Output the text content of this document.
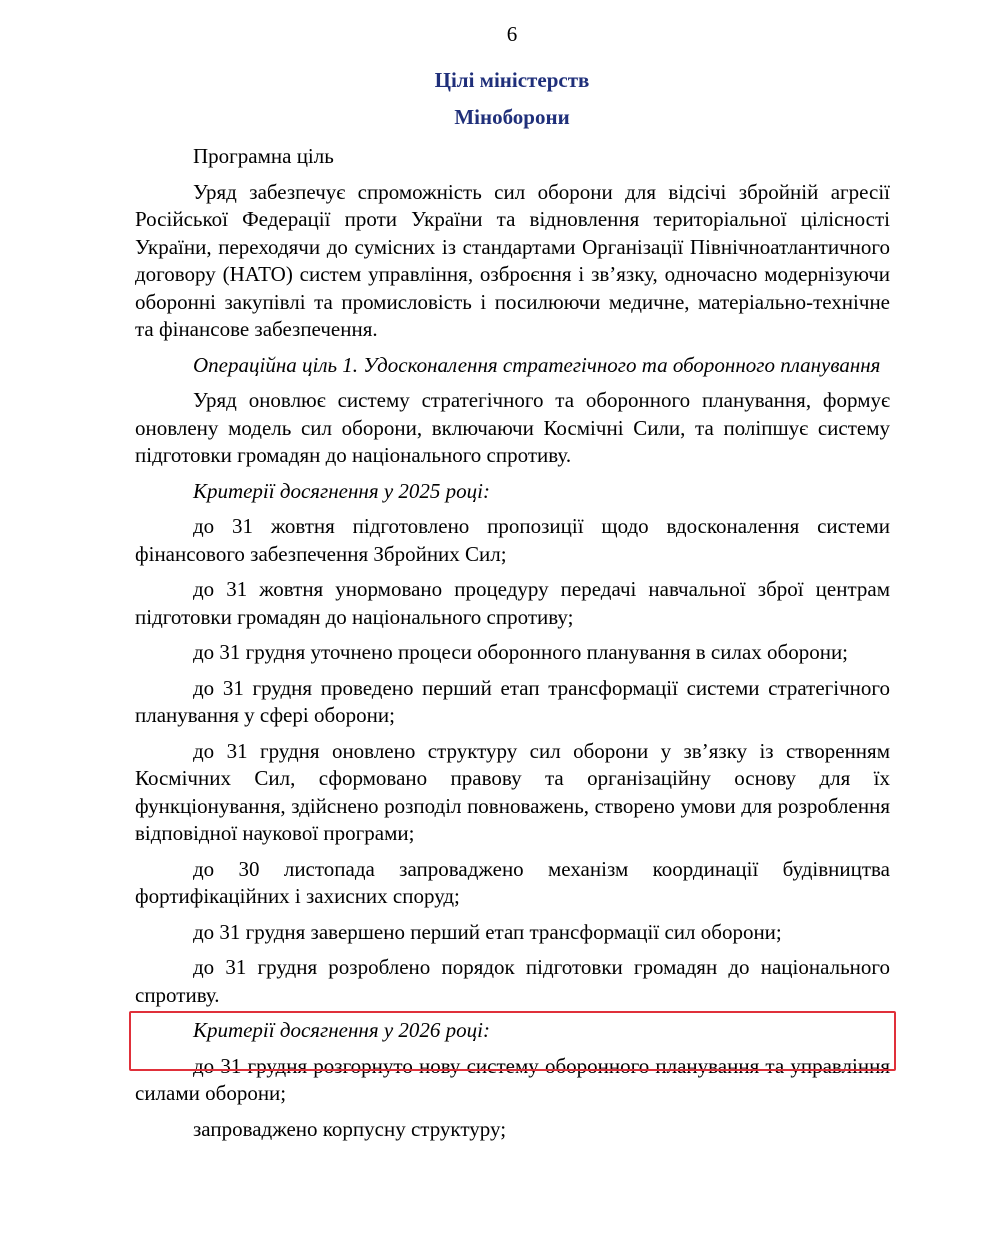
6
Цілі міністерств
Міноборони

Програмна ціль

Уряд забезпечує спроможність сил оборони для відсічі збройній агресії Російської Федерації проти України та відновлення територіальної цілісності України, переходячи до сумісних із стандартами Організації Північноатлантичного договору (НАТО) систем управління, озброєння і зв’язку, одночасно модернізуючи оборонні закупівлі та промисловість і посилюючи медичне, матеріально-технічне та фінансове забезпечення.

Операційна ціль 1. Удосконалення стратегічного та оборонного планування

Уряд оновлює систему стратегічного та оборонного планування, формує оновлену модель сил оборони, включаючи Космічні Сили, та поліпшує систему підготовки громадян до національного спротиву.

Критерії досягнення у 2025 році:

до 31 жовтня підготовлено пропозиції щодо вдосконалення системи фінансового забезпечення Збройних Сил;

до 31 жовтня унормовано процедуру передачі навчальної зброї центрам підготовки громадян до національного спротиву;

до 31 грудня уточнено процеси оборонного планування в силах оборони;

до 31 грудня проведено перший етап трансформації системи стратегічного планування у сфері оборони;

до 31 грудня оновлено структуру сил оборони у зв’язку із створенням Космічних Сил, сформовано правову та організаційну основу для їх функціонування, здійснено розподіл повноважень, створено умови для розроблення відповідної наукової програми;

до 30 листопада запроваджено механізм координації будівництва фортифікаційних і захисних споруд;

до 31 грудня завершено перший етап трансформації сил оборони;

до 31 грудня розроблено порядок підготовки громадян до національного спротиву.

Критерії досягнення у 2026 році:

до 31 грудня розгорнуто нову систему оборонного планування та управління силами оборони;

запроваджено корпусну структуру;
